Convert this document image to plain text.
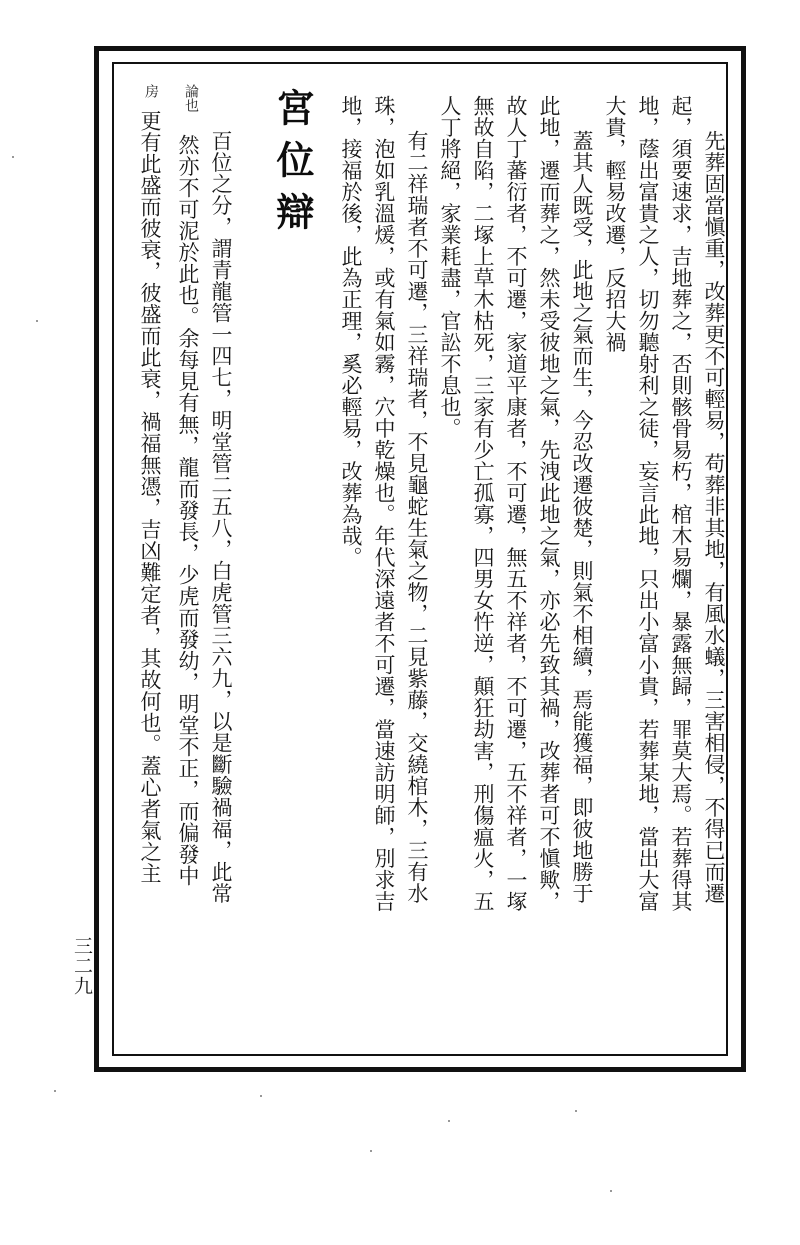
先葬固當愼重，改葬更不可輕易，苟葬非其地，有風水蟻，三害相侵，不得已而遷
起，須要速求，吉地葬之，否則骸骨易朽，棺木易爛，暴露無歸，罪莫大焉。若葬得其
地，蔭出富貴之人，切勿聽射利之徒，妄言此地，只出小富小貴，若葬某地，當出大富
大貴，輕易改遷，反招大禍
蓋其人既受，此地之氣而生，今忍改遷彼楚，則氣不相續，焉能獲福，即彼地勝于
此地，遷而葬之，然未受彼地之氣，先洩此地之氣，亦必先致其禍，改葬者可不愼歟，
故人丁蕃衍者，不可遷，家道平康者，不可遷，無五不祥者，不可遷，五不祥者，一塚
無故自陷，二塚上草木枯死，三家有少亡孤寡，四男女忤逆，顛狂劫害，刑傷瘟火，五
人丁將絕，家業耗盡，官訟不息也。
有二祥瑞者不可遷，三祥瑞者，不見龜蛇生氣之物，二見紫藤，交繞棺木，三有水
珠，泡如乳溫煖，或有氣如霧，穴中乾燥也。年代深遠者不可遷，當速訪明師，別求吉
地，接福於後，此為正理，奚必輕易，改葬為哉。
宮位辯
百位之分，謂青龍管一四七，明堂管二五八，白虎管三六九，以是斷驗禍福，此常
論也
然亦不可泥於此也。余每見有無，龍而發長，少虎而發幼，明堂不正，而偏發中
房
更有此盛而彼衰，彼盛而此衰，禍福無憑，吉凶難定者，其故何也。蓋心者氣之主
三二九
